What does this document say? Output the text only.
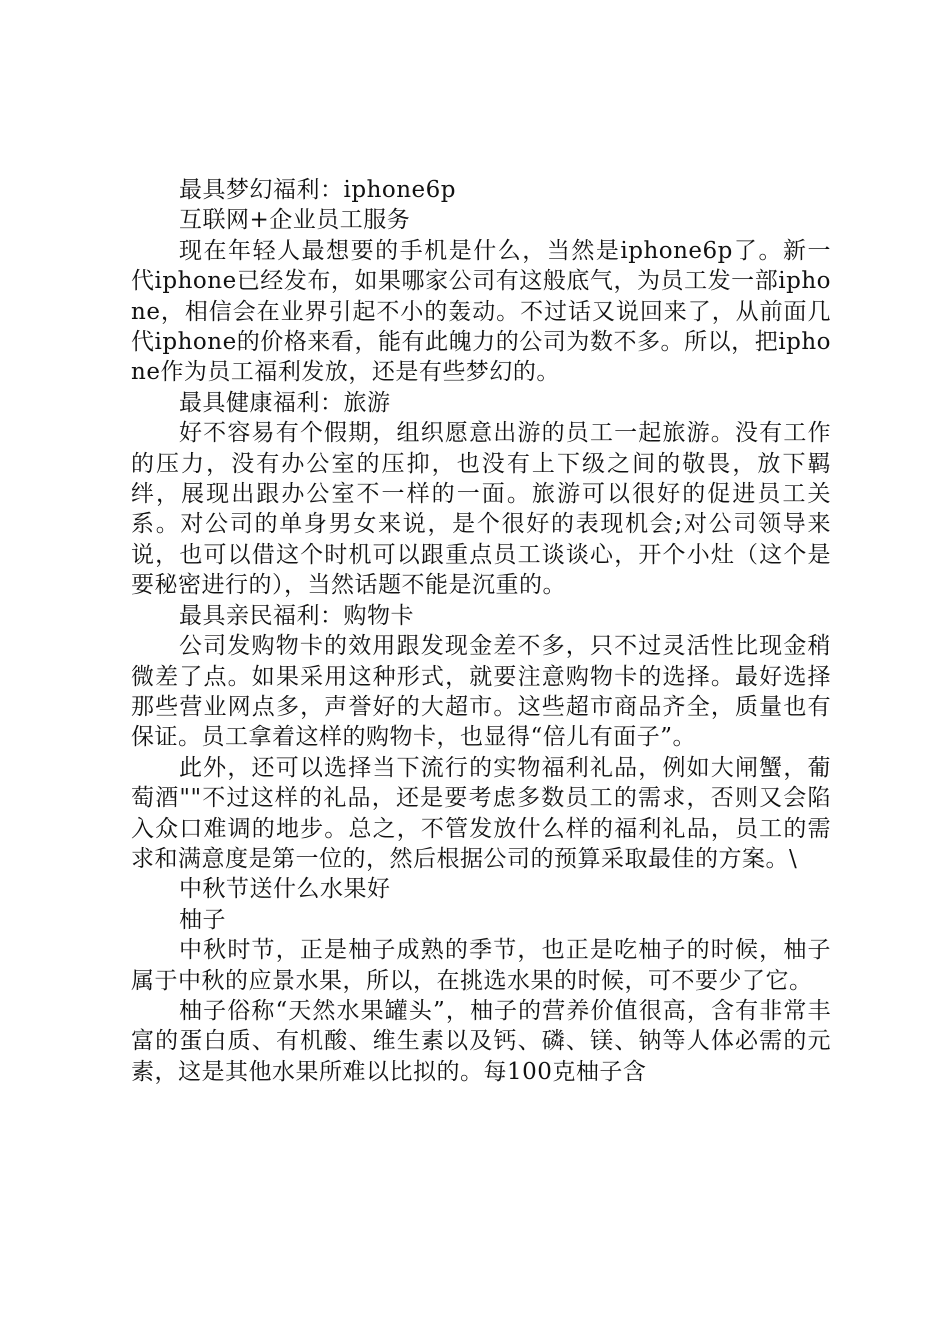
最具梦幻福利：iphone6p

互联网+企业员工服务

现在年轻人最想要的手机是什么，当然是iphone6p了。新一代iphone已经发布，如果哪家公司有这般底气，为员工发一部iphone，相信会在业界引起不小的轰动。不过话又说回来了，从前面几代iphone的价格来看，能有此魄力的公司为数不多。所以，把iphone作为员工福利发放，还是有些梦幻的。

最具健康福利：旅游

好不容易有个假期，组织愿意出游的员工一起旅游。没有工作的压力，没有办公室的压抑，也没有上下级之间的敬畏，放下羁绊，展现出跟办公室不一样的一面。旅游可以很好的促进员工关系。对公司的单身男女来说，是个很好的表现机会;对公司领导来说，也可以借这个时机可以跟重点员工谈谈心，开个小灶（这个是要秘密进行的），当然话题不能是沉重的。

最具亲民福利：购物卡

公司发购物卡的效用跟发现金差不多，只不过灵活性比现金稍微差了点。如果采用这种形式，就要注意购物卡的选择。最好选择那些营业网点多，声誉好的大超市。这些超市商品齐全，质量也有保证。员工拿着这样的购物卡，也显得“倍儿有面子”。

此外，还可以选择当下流行的实物福利礼品，例如大闸蟹，葡萄酒""不过这样的礼品，还是要考虑多数员工的需求，否则又会陷入众口难调的地步。总之，不管发放什么样的福利礼品，员工的需求和满意度是第一位的，然后根据公司的预算采取最佳的方案。\

中秋节送什么水果好

柚子

中秋时节，正是柚子成熟的季节，也正是吃柚子的时候，柚子属于中秋的应景水果，所以，在挑选水果的时候，可不要少了它。

柚子俗称“天然水果罐头”，柚子的营养价值很高，含有非常丰富的蛋白质、有机酸、维生素以及钙、磷、镁、钠等人体必需的元素，这是其他水果所难以比拟的。每100克柚子含
